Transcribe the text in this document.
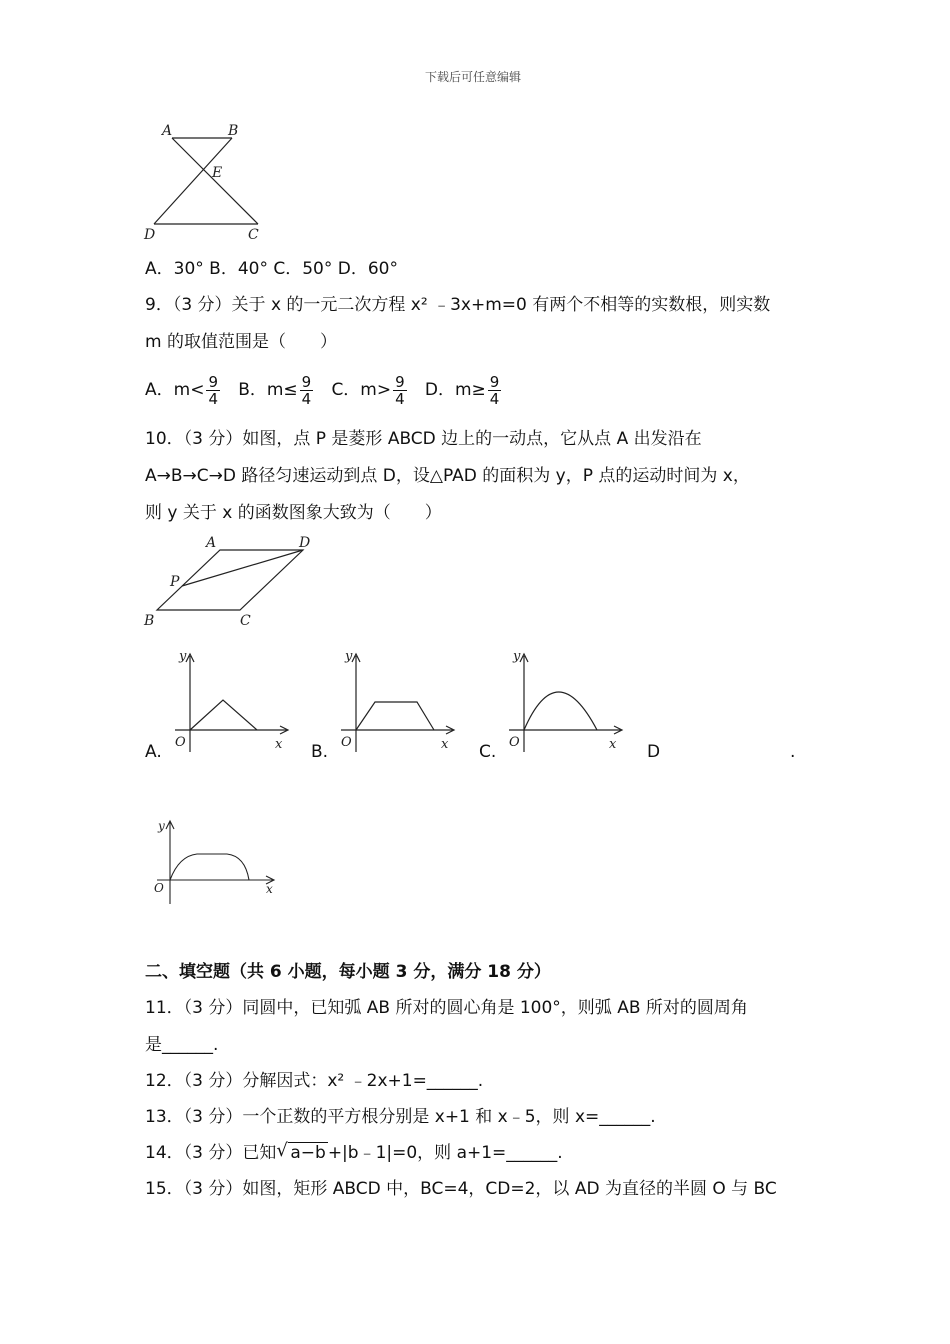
下载后可任意编辑
A	B
E
D	C
A．30° B．40° C．50° D．60°
9．（3 分）关于 x 的一元二次方程 x² ﹣3x+m=0 有两个不相等的实数根，则实数
m 的取值范围是（　　）
A．$m< \frac{9}{4}$ B．$m\le \frac{9}{4}$ C．$m> \frac{9}{4}$ D．$m\ge \frac{9}{4}$
10．（3 分）如图，点 P 是菱形 ABCD 边上的一动点，它从点 A 出发沿在
A→B→C→D 路径匀速运动到点 D，设△PAD 的面积为 y，P 点的运动时间为 x，
则 y 关于 x 的函数图象大致为（　　）
A	D
P
B	C
A.
y
O	x B.
y
O	x C.
y
O	x D	.
y
O	x
二、填空题（共 6 小题，每小题 3 分，满分 18 分）
11．（3 分）同圆中，已知弧 AB 所对的圆心角是 100°，则弧 AB 所对的圆周角
是______.
12．（3 分）分解因式：x² ﹣2x+1=______.
13．（3 分）一个正数的平方根分别是 x+1 和 x﹣5，则 x=______.
14．（3 分）已知 √ a−b +|b﹣1|=0，则 a+1=______.
15．（3 分）如图，矩形 ABCD 中，BC=4，CD=2，以 AD 为直径的半圆 O 与 BC
